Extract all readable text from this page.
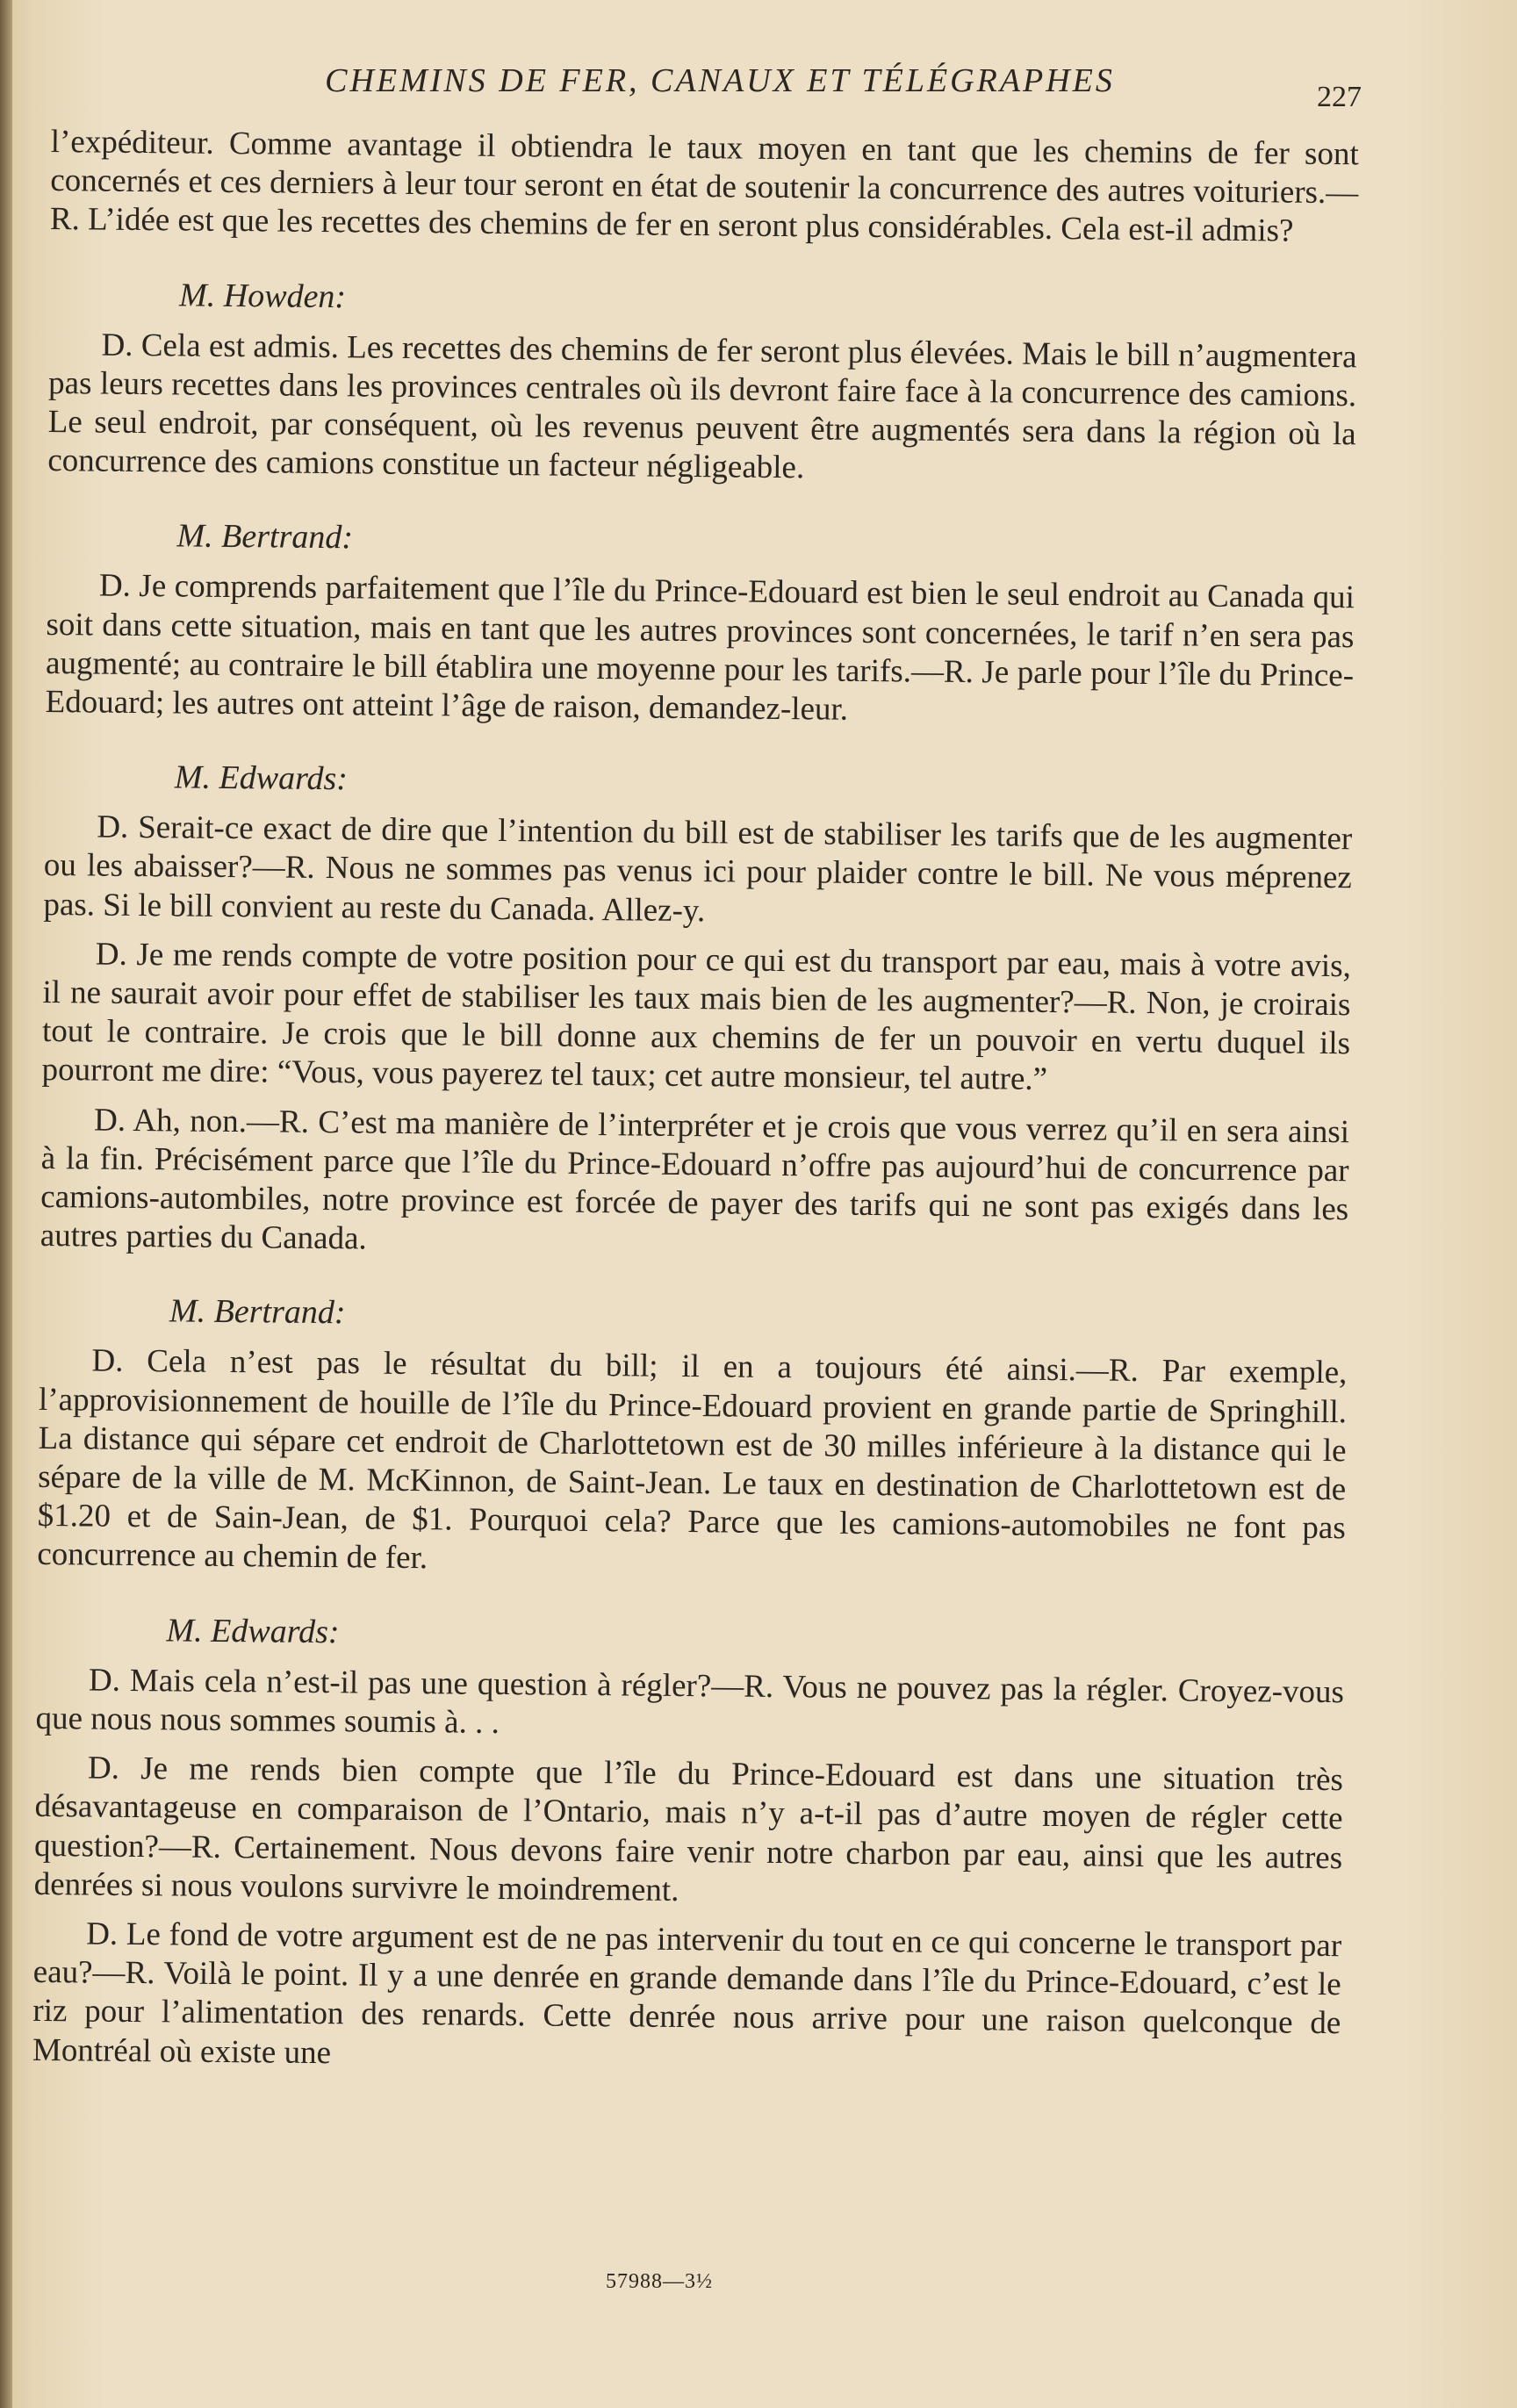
CHEMINS DE FER, CANAUX ET TÉLÉGRAPHES	227

l’expéditeur. Comme avantage il obtiendra le taux moyen en tant que les chemins de fer sont concernés et ces derniers à leur tour seront en état de soutenir la concurrence des autres voituriers.—R. L’idée est que les recettes des chemins de fer en seront plus considérables. Cela est-il admis?

M. Howden:

D. Cela est admis. Les recettes des chemins de fer seront plus élevées. Mais le bill n’augmentera pas leurs recettes dans les provinces centrales où ils devront faire face à la concurrence des camions. Le seul endroit, par conséquent, où les revenus peuvent être augmentés sera dans la région où la concurrence des camions constitue un facteur négligeable.

M. Bertrand:

D. Je comprends parfaitement que l’île du Prince-Edouard est bien le seul endroit au Canada qui soit dans cette situation, mais en tant que les autres provinces sont concernées, le tarif n’en sera pas augmenté; au contraire le bill établira une moyenne pour les tarifs.—R. Je parle pour l’île du Prince-Edouard; les autres ont atteint l’âge de raison, demandez-leur.

M. Edwards:

D. Serait-ce exact de dire que l’intention du bill est de stabiliser les tarifs que de les augmenter ou les abaisser?—R. Nous ne sommes pas venus ici pour plaider contre le bill. Ne vous méprenez pas. Si le bill convient au reste du Canada. Allez-y.

D. Je me rends compte de votre position pour ce qui est du transport par eau, mais à votre avis, il ne saurait avoir pour effet de stabiliser les taux mais bien de les augmenter?—R. Non, je croirais tout le contraire. Je crois que le bill donne aux chemins de fer un pouvoir en vertu duquel ils pourront me dire: “Vous, vous payerez tel taux; cet autre monsieur, tel autre.”

D. Ah, non.—R. C’est ma manière de l’interpréter et je crois que vous verrez qu’il en sera ainsi à la fin. Précisément parce que l’île du Prince-Edouard n’offre pas aujourd’hui de concurrence par camions-autombiles, notre province est forcée de payer des tarifs qui ne sont pas exigés dans les autres parties du Canada.

M. Bertrand:

D. Cela n’est pas le résultat du bill; il en a toujours été ainsi.—R. Par exemple, l’approvisionnement de houille de l’île du Prince-Edouard provient en grande partie de Springhill. La distance qui sépare cet endroit de Charlottetown est de 30 milles inférieure à la distance qui le sépare de la ville de M. McKinnon, de Saint-Jean. Le taux en destination de Charlottetown est de $1.20 et de Sain-Jean, de $1. Pourquoi cela? Parce que les camions-automobiles ne font pas concurrence au chemin de fer.

M. Edwards:

D. Mais cela n’est-il pas une question à régler?—R. Vous ne pouvez pas la régler. Croyez-vous que nous nous sommes soumis à. . .

D. Je me rends bien compte que l’île du Prince-Edouard est dans une situation très désavantageuse en comparaison de l’Ontario, mais n’y a-t-il pas d’autre moyen de régler cette question?—R. Certainement. Nous devons faire venir notre charbon par eau, ainsi que les autres denrées si nous voulons survivre le moindrement.

D. Le fond de votre argument est de ne pas intervenir du tout en ce qui concerne le transport par eau?—R. Voilà le point. Il y a une denrée en grande demande dans l’île du Prince-Edouard, c’est le riz pour l’alimentation des renards. Cette denrée nous arrive pour une raison quelconque de Montréal où existe une

57988—3½
